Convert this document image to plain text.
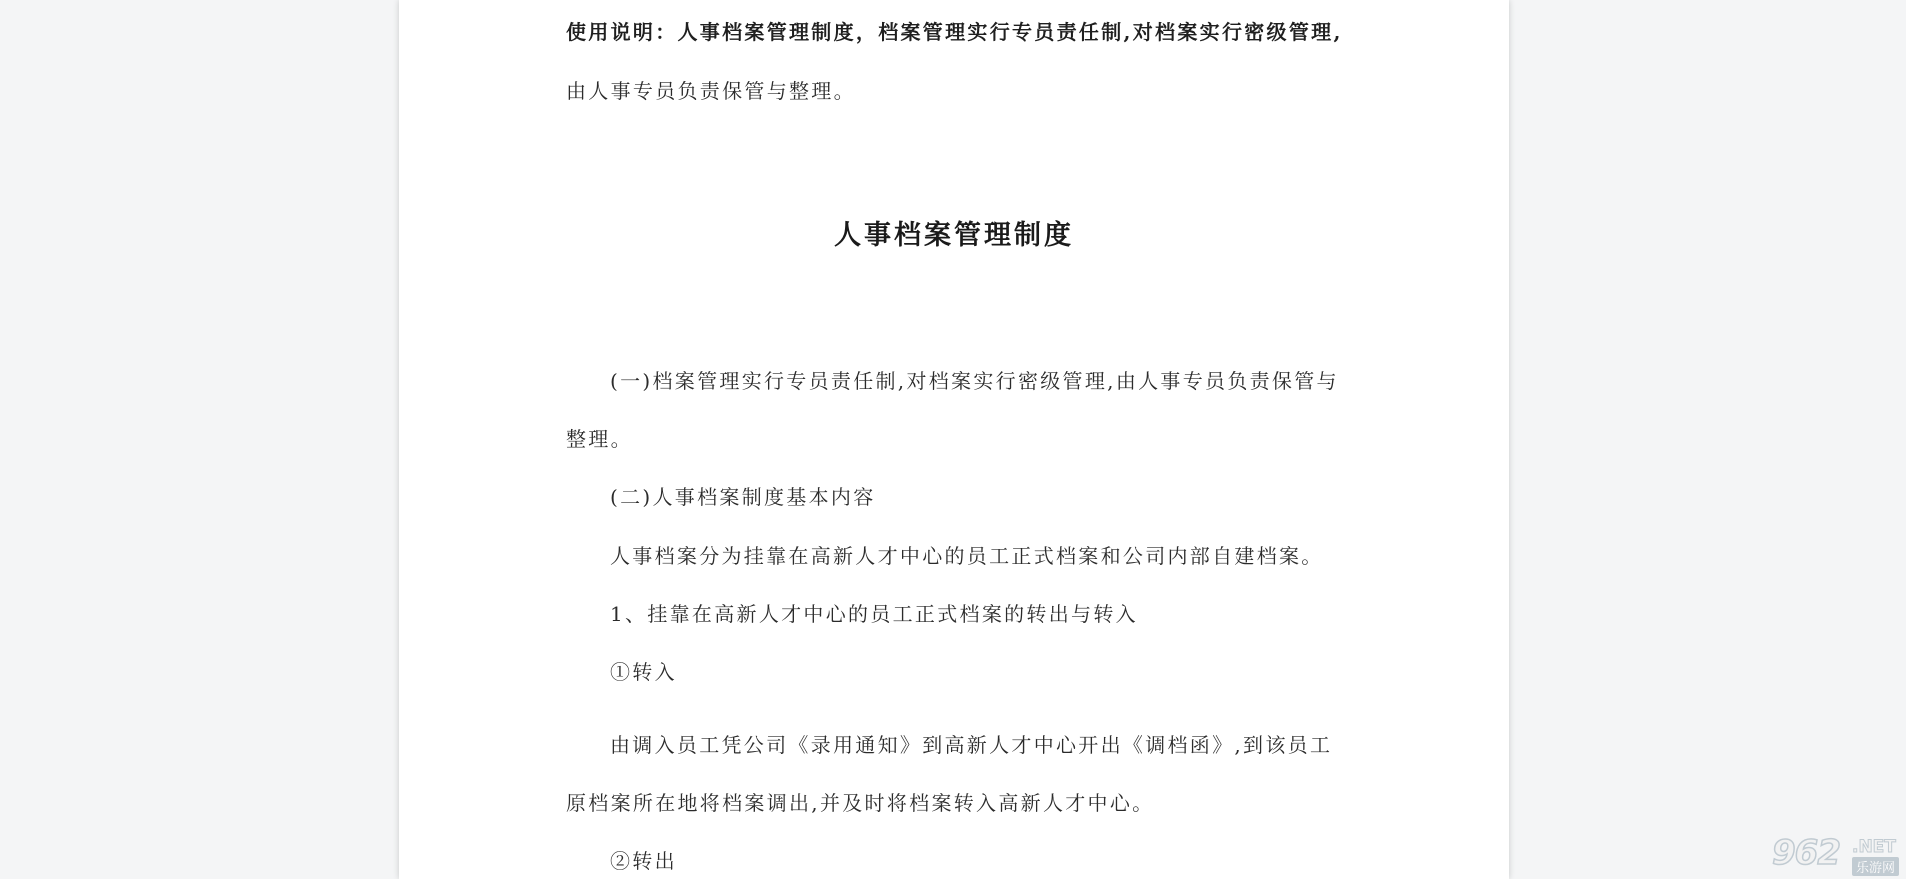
使用说明：人事档案管理制度，档案管理实行专员责任制,对档案实行密级管理,
由人事专员负责保管与整理。
人事档案管理制度
(一)档案管理实行专员责任制,对档案实行密级管理,由人事专员负责保管与
整理。
(二)人事档案制度基本内容
人事档案分为挂靠在高新人才中心的员工正式档案和公司内部自建档案。
1、挂靠在高新人才中心的员工正式档案的转出与转入
①转入
由调入员工凭公司《录用通知》到高新人才中心开出《调档函》,到该员工
原档案所在地将档案调出,并及时将档案转入高新人才中心。
②转出	962 .NET
乐游网
